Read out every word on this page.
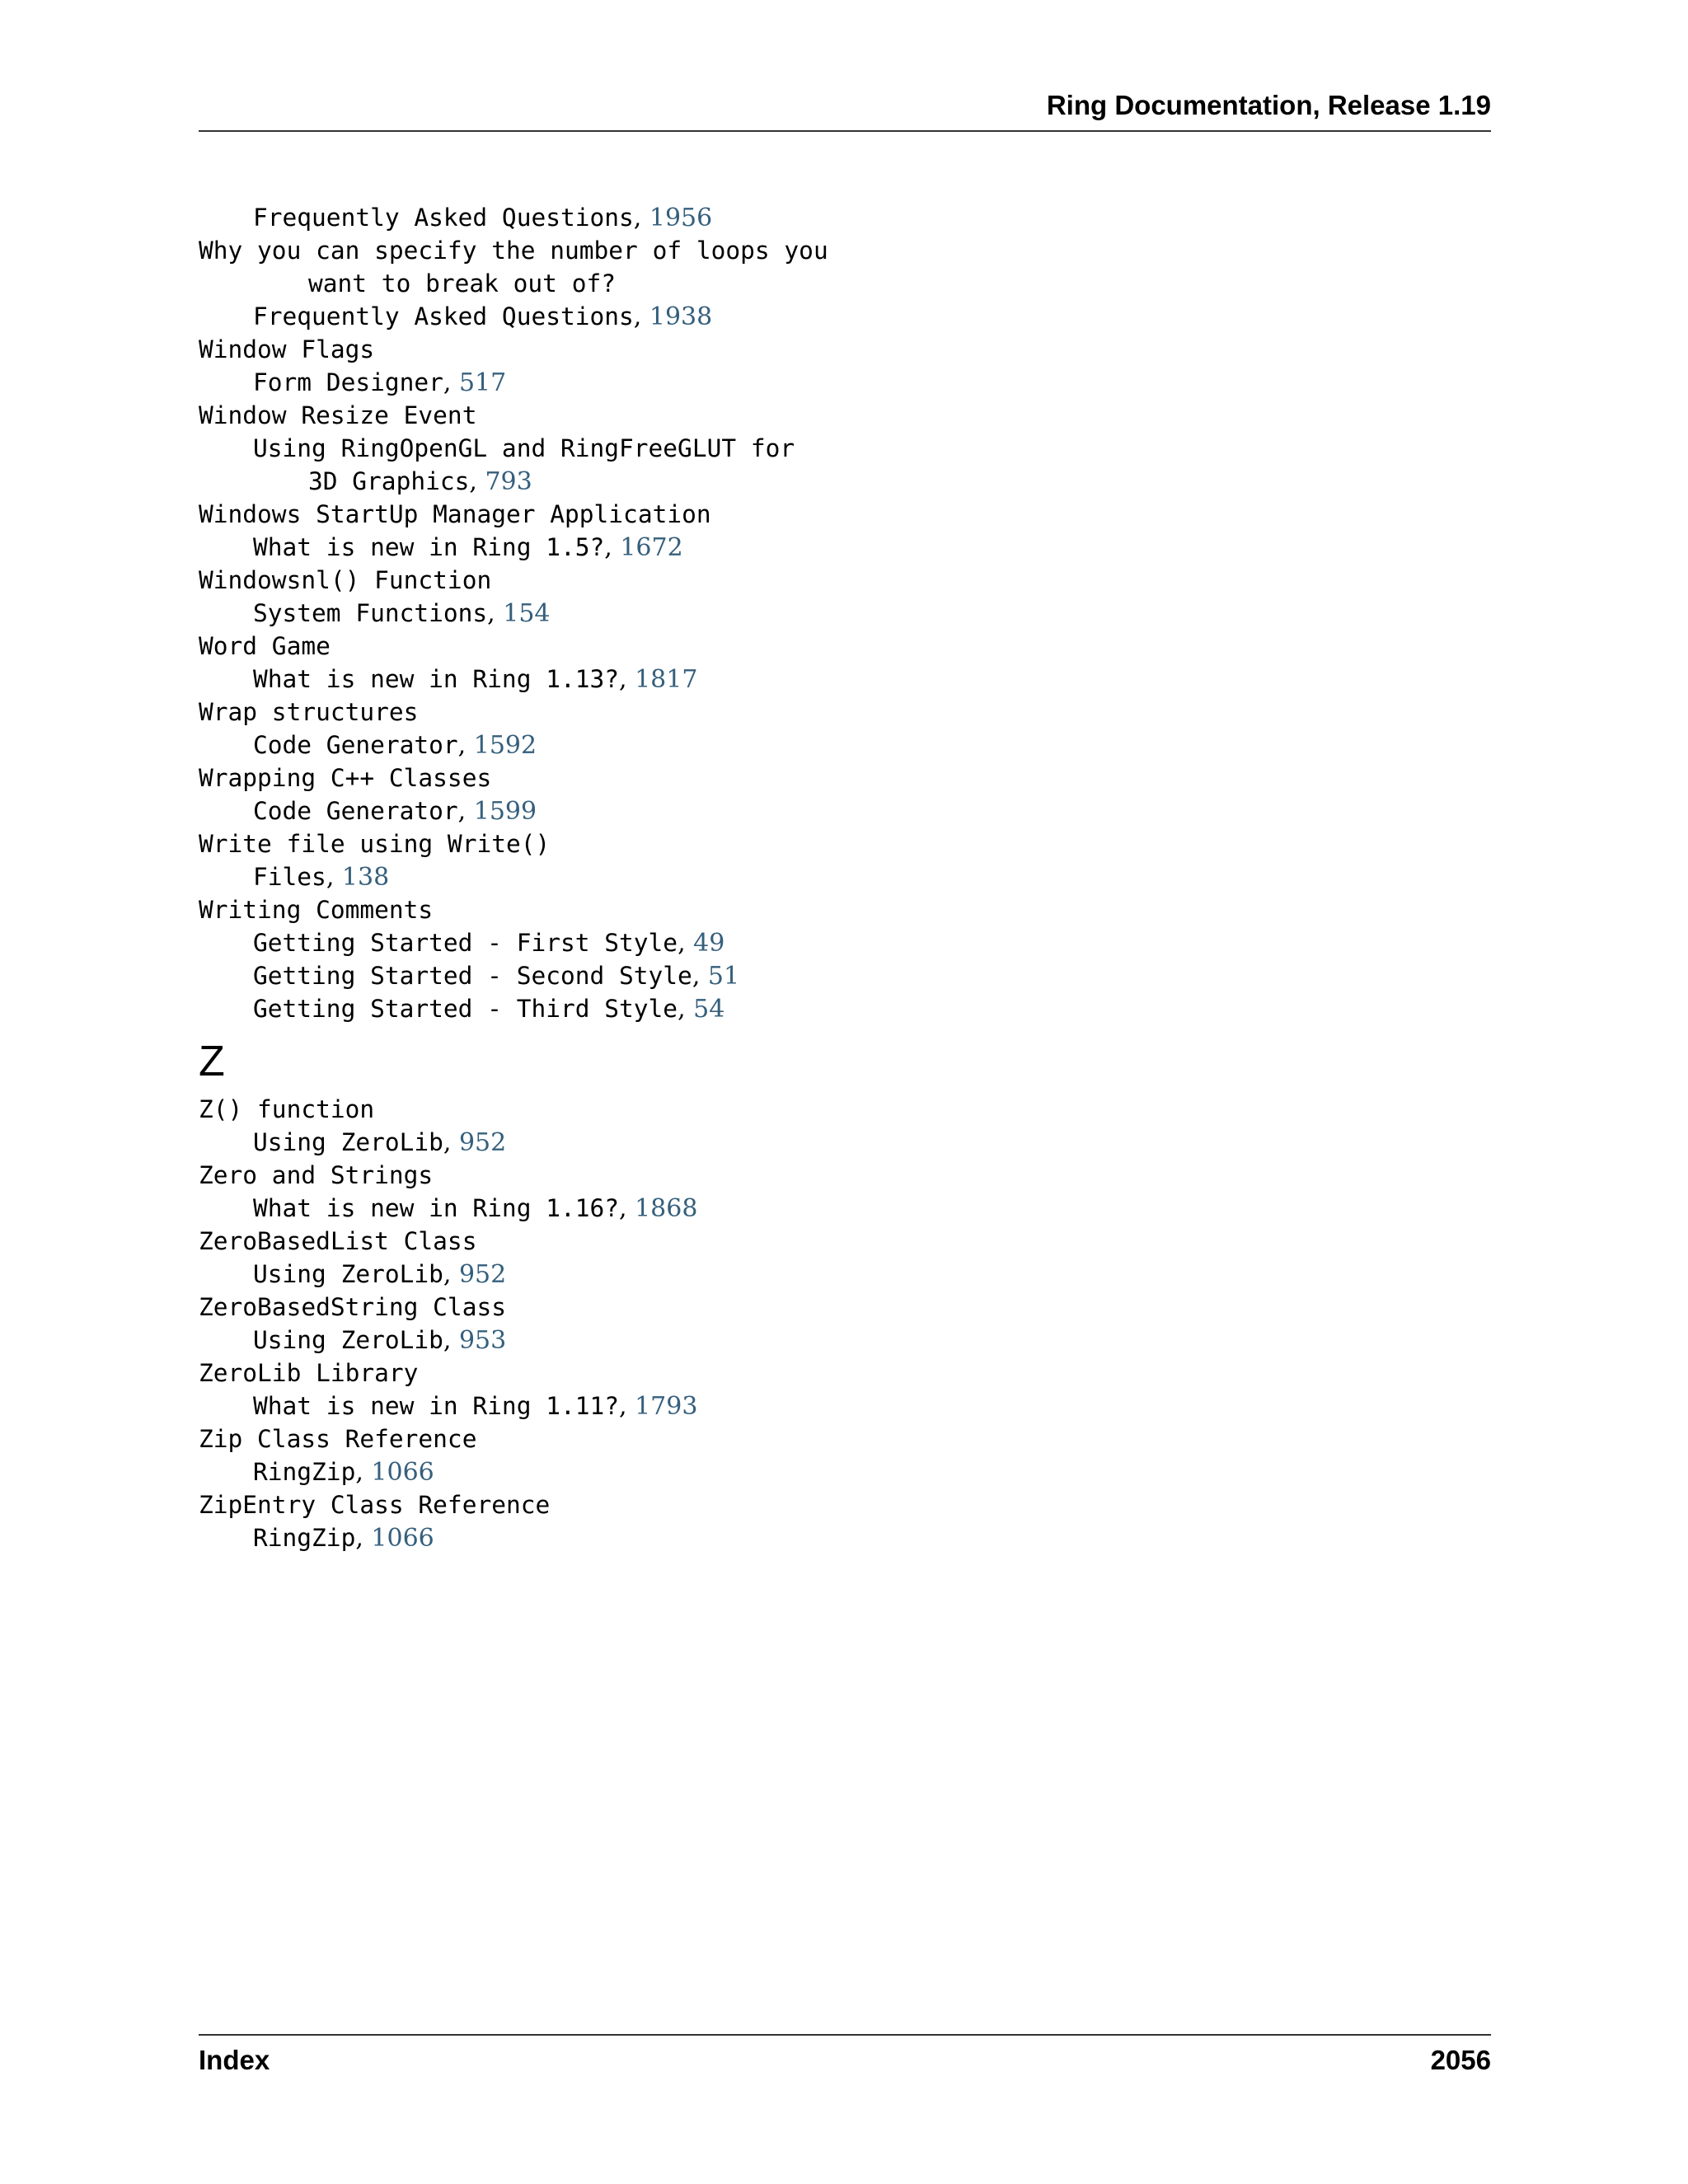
Ring Documentation, Release 1.19
Frequently Asked Questions, 1956
Why you can specify the number of loops you
want to break out of?
Frequently Asked Questions, 1938
Window Flags
Form Designer, 517
Window Resize Event
Using RingOpenGL and RingFreeGLUT for
3D Graphics, 793
Windows StartUp Manager Application
What is new in Ring 1.5?, 1672
Windowsnl() Function
System Functions, 154
Word Game
What is new in Ring 1.13?, 1817
Wrap structures
Code Generator, 1592
Wrapping C++ Classes
Code Generator, 1599
Write file using Write()
Files, 138
Writing Comments
Getting Started - First Style, 49
Getting Started - Second Style, 51
Getting Started - Third Style, 54
Z
Z() function
Using ZeroLib, 952
Zero and Strings
What is new in Ring 1.16?, 1868
ZeroBasedList Class
Using ZeroLib, 952
ZeroBasedString Class
Using ZeroLib, 953
ZeroLib Library
What is new in Ring 1.11?, 1793
Zip Class Reference
RingZip, 1066
ZipEntry Class Reference
RingZip, 1066
Index	2056
